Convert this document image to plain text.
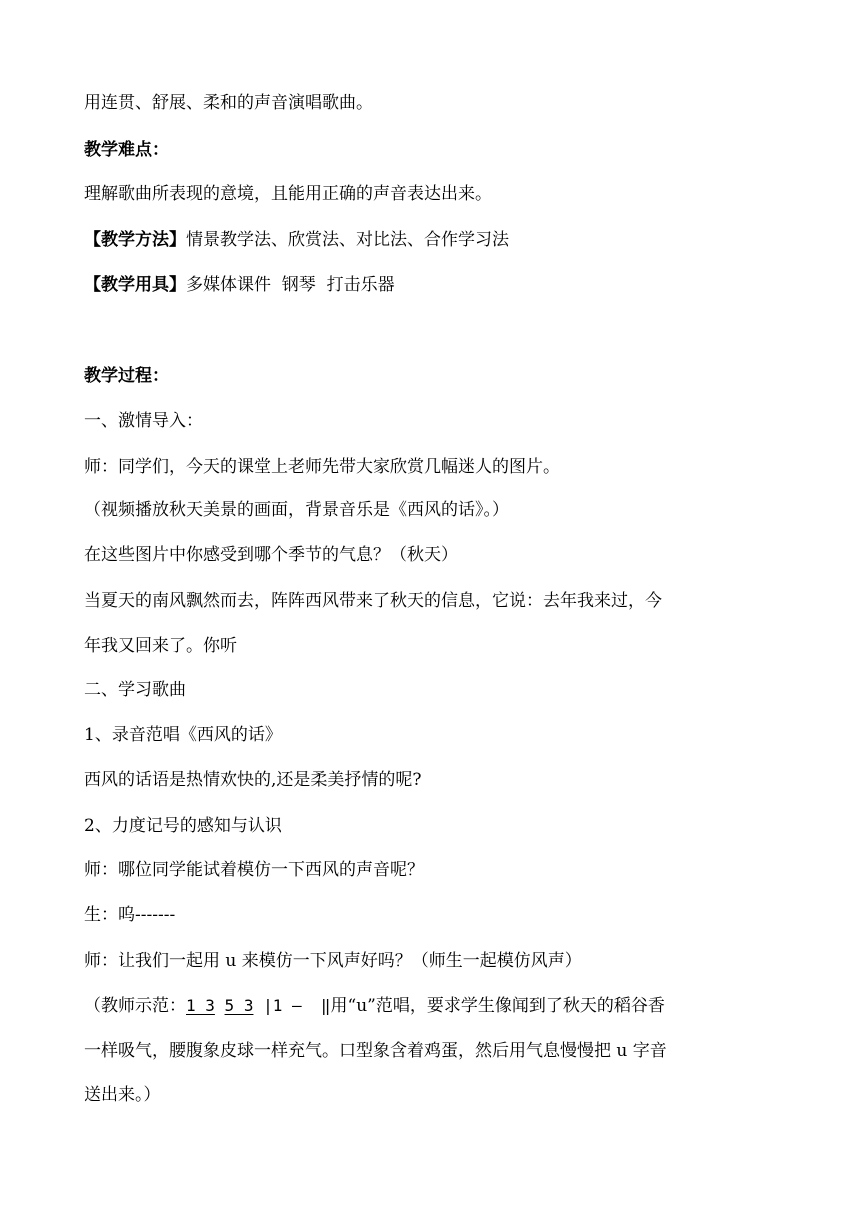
用连贯、舒展、柔和的声音演唱歌曲。
教学难点：
理解歌曲所表现的意境，且能用正确的声音表达出来。
【教学方法】情景教学法、欣赏法、对比法、合作学习法
【教学用具】多媒体课件  钢琴  打击乐器
教学过程：
一、激情导入：
师：同学们，今天的课堂上老师先带大家欣赏几幅迷人的图片。
（视频播放秋天美景的画面，背景音乐是《西风的话》。）
在这些图片中你感受到哪个季节的气息？（秋天）
当夏天的南风飘然而去，阵阵西风带来了秋天的信息，它说：去年我来过，今
年我又回来了。你听
二、学习歌曲
1、录音范唱《西风的话》
西风的话语是热情欢快的,还是柔美抒情的呢?
2、力度记号的感知与认识
师：哪位同学能试着模仿一下西风的声音呢？
生：呜-------
师：让我们一起用 u 来模仿一下风声好吗？（师生一起模仿风声）
（教师示范：1 3 5 3 |1 –  ‖用“u”范唱，要求学生像闻到了秋天的稻谷香
一样吸气，腰腹象皮球一样充气。口型象含着鸡蛋，然后用气息慢慢把 u 字音
送出来。）
